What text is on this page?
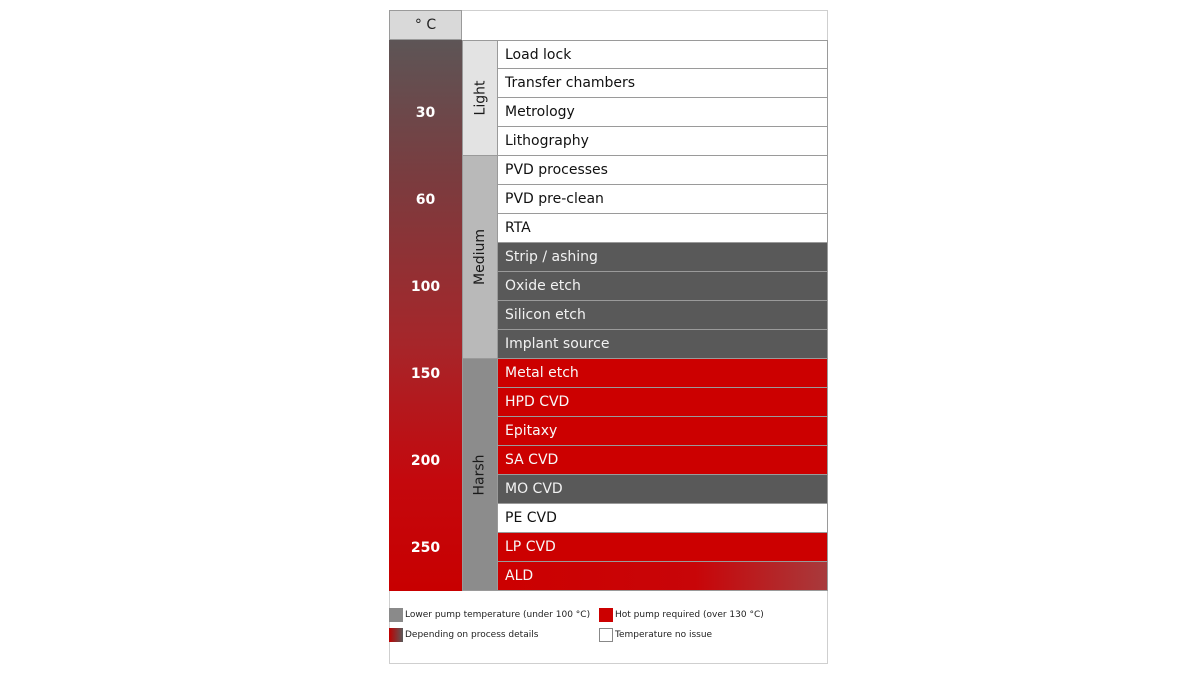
° C
30
60
100
150
200
250
Light
Medium
Harsh
Load lock
Transfer chambers
Metrology
Lithography
PVD processes
PVD pre-clean
RTA
Strip / ashing
Oxide etch
Silicon etch
Implant source
Metal etch
HPD CVD
Epitaxy
SA CVD
MO CVD
PE CVD
LP CVD
ALD
Lower pump temperature (under 100 °C)	Hot pump required (over 130 °C)
Depending on process details	Temperature no issue
